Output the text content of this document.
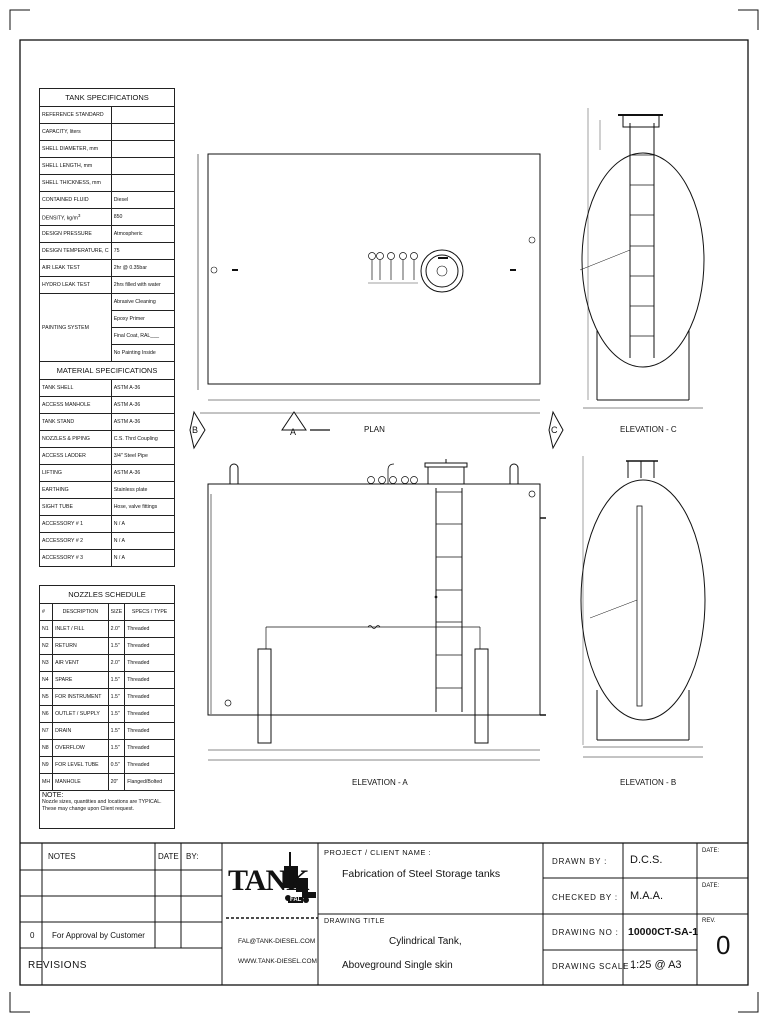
TANK SPECIFICATIONS	
REFERENCE STANDARD	
CAPACITY, liters	
SHELL DIAMETER, mm	
SHELL LENGTH, mm	
SHELL THICKNESS, mm	
CONTAINED FLUID	Diesel
DENSITY, $kg/m^3$	850
DESIGN PRESSURE	Atmospheric
DESIGN TEMPERATURE, C	75
AIR LEAK TEST	2hr @ 0.35bar
HYDRO LEAK TEST	2hrs filled with water
PAINTING SYSTEM	Abrasive Cleaning
	Epoxy Primer
	Final Coat, RAL___
	No Painting Inside
MATERIAL SPECIFICATIONS	
TANK SHELL	ASTM A-36
ACCESS MANHOLE	ASTM A-36
TANK STAND	ASTM A-36
NOZZLES & PIPING	C.S. Thrd Coupling
ACCESS LADDER	3/4" Steel Pipe
LIFTING	ASTM A-36
EARTHING	Stainless plate
SIGHT TUBE	Hose, valve fittings
ACCESSORY # 1	N / A
ACCESSORY # 2	N / A
ACCESSORY # 3	N / A
NOZZLES SCHEDULE			
#	DESCRIPTION	SIZE	SPECS / TYPE
N1	INLET / FILL	2.0"	Threaded
N2	RETURN	1.5"	Threaded
N3	AIR VENT	2.0"	Threaded
N4	SPARE	1.5"	Threaded
N5	FOR INSTRUMENT	1.5"	Threaded
N6	OUTLET / SUPPLY	1.5"	Threaded
N7	DRAIN	1.5"	Threaded
N8	OVERFLOW	1.5"	Threaded
N9	FOR LEVEL TUBE	0.5"	Threaded
MH	MANHOLE	20"	Flanged/Bolted

NOTE:
Nozzle sizes, quantities and locations are TYPICAL.
These may change upon Client request.			
PLAN	ELEVATION - C
ELEVATION - A	ELEVATION - B
B	A	C
NOTES	DATE BY:
0 For Approval by Customer
REVISIONS
TANK
FAL
FAL@TANK-DIESEL.COM
WWW.TANK-DIESEL.COM
PROJECT / CLIENT NAME :
Fabrication of Steel Storage tanks
DRAWING TITLE
Cylindrical Tank,
Aboveground Single skin
DRAWN BY : D.C.S.
CHECKED BY : M.A.A.
DRAWING NO : 10000CT-SA-1
DRAWING SCALE :
1:25 @ A3
DATE:
DATE:
REV.
0
